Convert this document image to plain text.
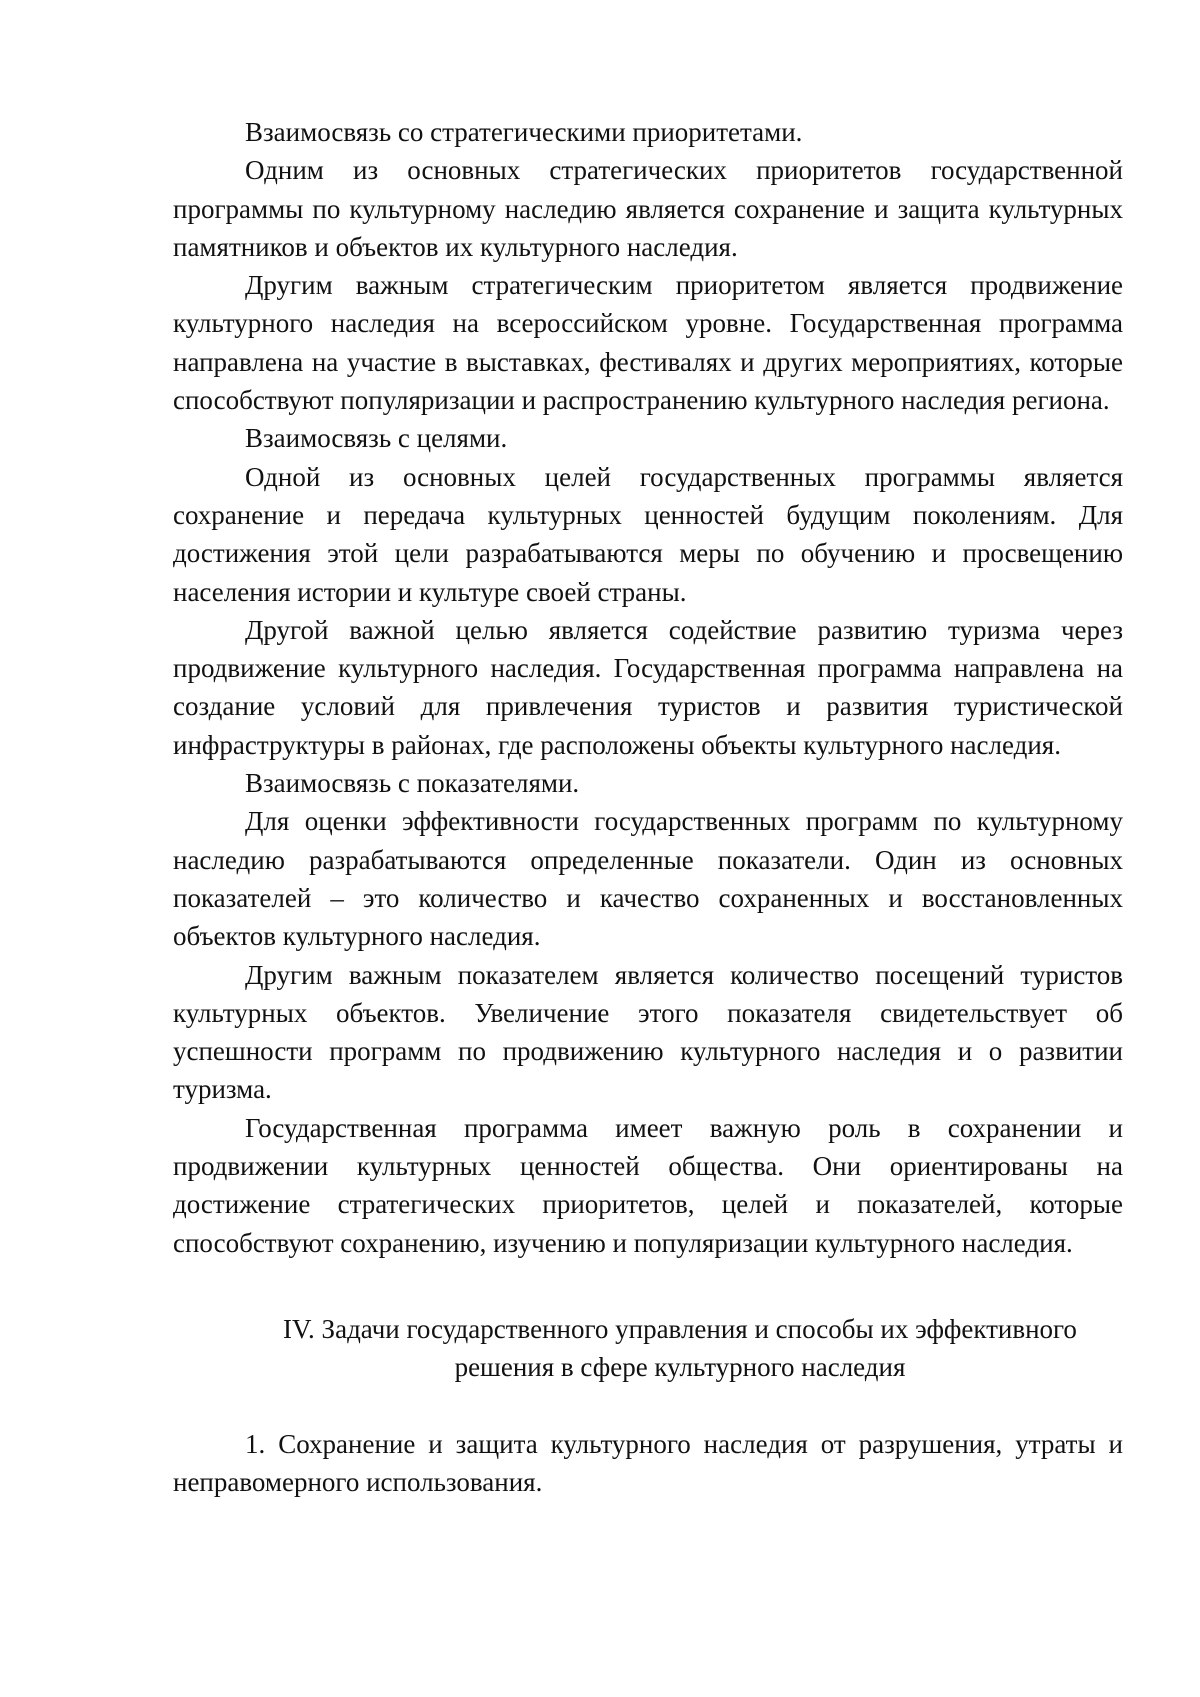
Взаимосвязь со стратегическими приоритетами.

Одним из основных стратегических приоритетов государственной программы по культурному наследию является сохранение и защита культурных памятников и объектов их культурного наследия.

Другим важным стратегическим приоритетом является продвижение культурного наследия на всероссийском уровне. Государственная программа направлена на участие в выставках, фестивалях и других мероприятиях, которые способствуют популяризации и распространению культурного наследия региона.

Взаимосвязь с целями.

Одной из основных целей государственных программы является сохранение и передача культурных ценностей будущим поколениям. Для достижения этой цели разрабатываются меры по обучению и просвещению населения истории и культуре своей страны.

Другой важной целью является содействие развитию туризма через продвижение культурного наследия. Государственная программа направлена на создание условий для привлечения туристов и развития туристической инфраструктуры в районах, где расположены объекты культурного наследия.

Взаимосвязь с показателями.

Для оценки эффективности государственных программ по культурному наследию разрабатываются определенные показатели. Один из основных показателей – это количество и качество сохраненных и восстановленных объектов культурного наследия.

Другим важным показателем является количество посещений туристов культурных объектов. Увеличение этого показателя свидетельствует об успешности программ по продвижению культурного наследия и о развитии туризма.

Государственная программа имеет важную роль в сохранении и продвижении культурных ценностей общества. Они ориентированы на достижение стратегических приоритетов, целей и показателей, которые способствуют сохранению, изучению и популяризации культурного наследия.

IV. Задачи государственного управления и способы их эффективного
решения в сфере культурного наследия

1. Сохранение и защита культурного наследия от разрушения, утраты и неправомерного использования.
